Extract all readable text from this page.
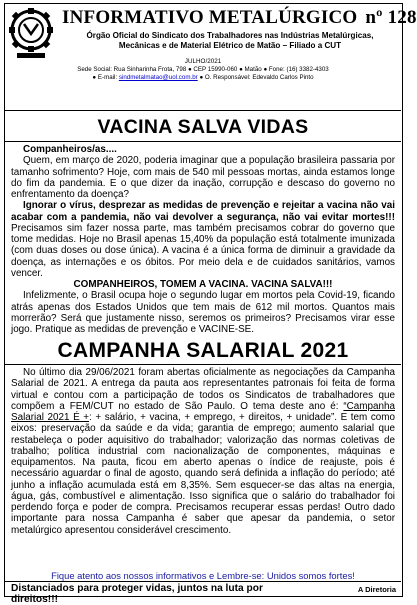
INFORMATIVO METALÚRGICO nº 128
Órgão Oficial do Sindicato dos Trabalhadores nas Indústrias Metalúrgicas,
Mecânicas e de Material Elétrico de Matão – Filiado a CUT
JULHO/2021
Sede Social: Rua Sinharinha Frota, 798 ● CEP 15990-060 ● Matão ● Fone: (16) 3382-4303
● E-mail: sindmetalmatao@uol.com.br ● O. Responsável: Edevaldo Carlos Pinto
VACINA SALVA VIDAS

Companheiros/as....

Quem, em março de 2020, poderia imaginar que a população brasileira passaria por tamanho sofrimento? Hoje, com mais de 540 mil pessoas mortas, ainda estamos longe do fim da pandemia. E o que dizer da inação, corrupção e descaso do governo no enfrentamento da doença?

Ignorar o vírus, desprezar as medidas de prevenção e rejeitar a vacina não vai acabar com a pandemia, não vai devolver a segurança, não vai evitar mortes!!! Precisamos sim fazer nossa parte, mas também precisamos cobrar do governo que tome medidas. Hoje no Brasil apenas 15,40% da população está totalmente imunizada (com duas doses ou dose única). A vacina é a única forma de diminuir a gravidade da doença, as internações e os óbitos. Por meio dela e de cuidados sanitários, vamos vencer.

COMPANHEIROS, TOMEM A VACINA. VACINA SALVA!!!

Infelizmente, o Brasil ocupa hoje o segundo lugar em mortos pela Covid-19, ficando atrás apenas dos Estados Unidos que tem mais de 612 mil mortos. Quantos mais morrerão? Será que justamente nisso, seremos os primeiros? Precisamos virar esse jogo. Pratique as medidas de prevenção e VACINE-SE.

CAMPANHA SALARIAL 2021

No último dia 29/06/2021 foram abertas oficialmente as negociações da Campanha Salarial de 2021. A entrega da pauta aos representantes patronais foi feita de forma virtual e contou com a participação de todos os Sindicatos de trabalhadores que compõem a FEM/CUT no estado de São Paulo. O tema deste ano é: “Campanha Salarial 2021 É +: + salário, + vacina, + emprego, + direitos, + unidade”. E tem como eixos: preservação da saúde e da vida; garantia de emprego; aumento salarial que restabeleça o poder aquisitivo do trabalhador; valorização das normas coletivas de trabalho; política industrial com nacionalização de componentes, máquinas e equipamentos. Na pauta, ficou em aberto apenas o índice de reajuste, pois é necessário aguardar o final de agosto, quando será definida a inflação do período; até junho a inflação acumulada está em 8,35%. Sem esquecer-se das altas na energia, água, gás, combustível e alimentação. Isso significa que o salário do trabalhador foi perdendo força e poder de compra. Precisamos recuperar essas perdas! Outro dado importante para nossa Campanha é saber que apesar da pandemia, o setor metalúrgico apresentou considerável crescimento.

Fique atento aos nossos informativos e Lembre-se: Unidos somos fortes!
Distanciados para proteger vidas, juntos na luta por direitos!!!
A Diretoria
